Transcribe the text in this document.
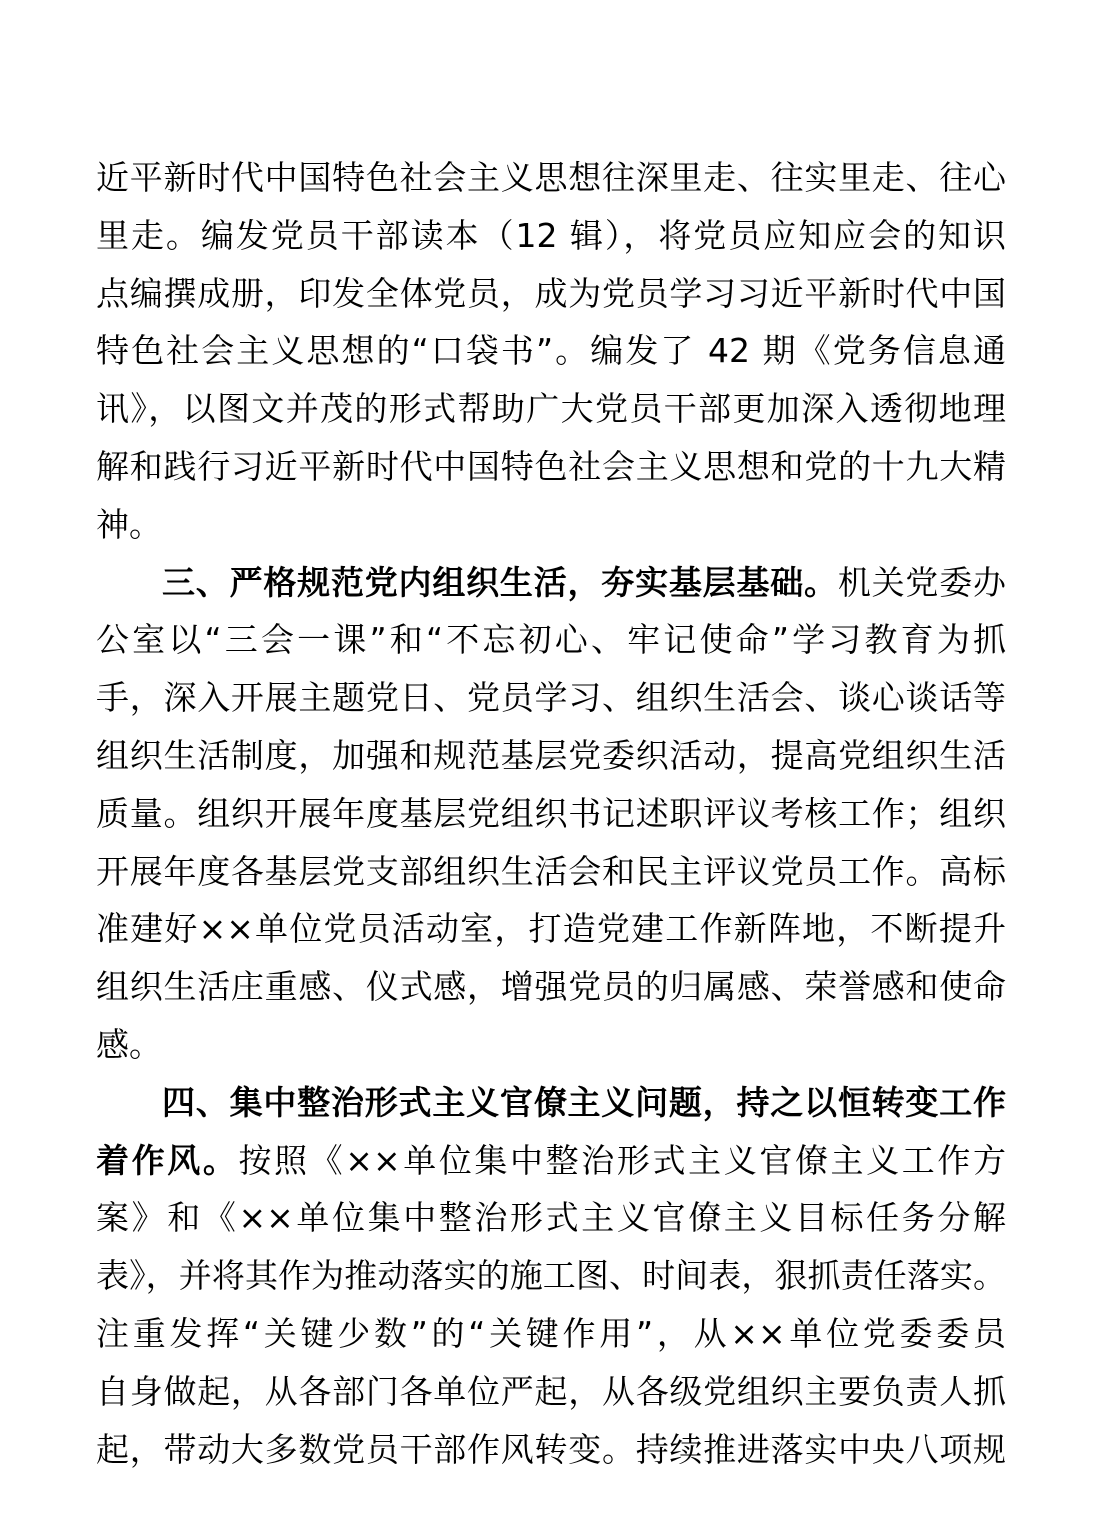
近平新时代中国特色社会主义思想往深里走、往实里走、往心
里走。编发党员干部读本（12 辑），将党员应知应会的知识
点编撰成册，印发全体党员，成为党员学习习近平新时代中国
特色社会主义思想的“口袋书”。编发了 42 期《党务信息通
讯》，以图文并茂的形式帮助广大党员干部更加深入透彻地理
解和践行习近平新时代中国特色社会主义思想和党的十九大精
神。
三、严格规范党内组织生活，夯实基层基础。机关党委办
公室以“三会一课”和“不忘初心、牢记使命”学习教育为抓
手，深入开展主题党日、党员学习、组织生活会、谈心谈话等
组织生活制度，加强和规范基层党委织活动，提高党组织生活
质量。组织开展年度基层党组织书记述职评议考核工作；组织
开展年度各基层党支部组织生活会和民主评议党员工作。高标
准建好××单位党员活动室，打造党建工作新阵地，不断提升
组织生活庄重感、仪式感，增强党员的归属感、荣誉感和使命
感。
四、集中整治形式主义官僚主义问题，持之以恒转变工作
着作风。按照《××单位集中整治形式主义官僚主义工作方
案》和《××单位集中整治形式主义官僚主义目标任务分解
表》，并将其作为推动落实的施工图、时间表，狠抓责任落实。
注重发挥“关键少数”的“关键作用”，从××单位党委委员
自身做起，从各部门各单位严起，从各级党组织主要负责人抓
起，带动大多数党员干部作风转变。持续推进落实中央八项规
